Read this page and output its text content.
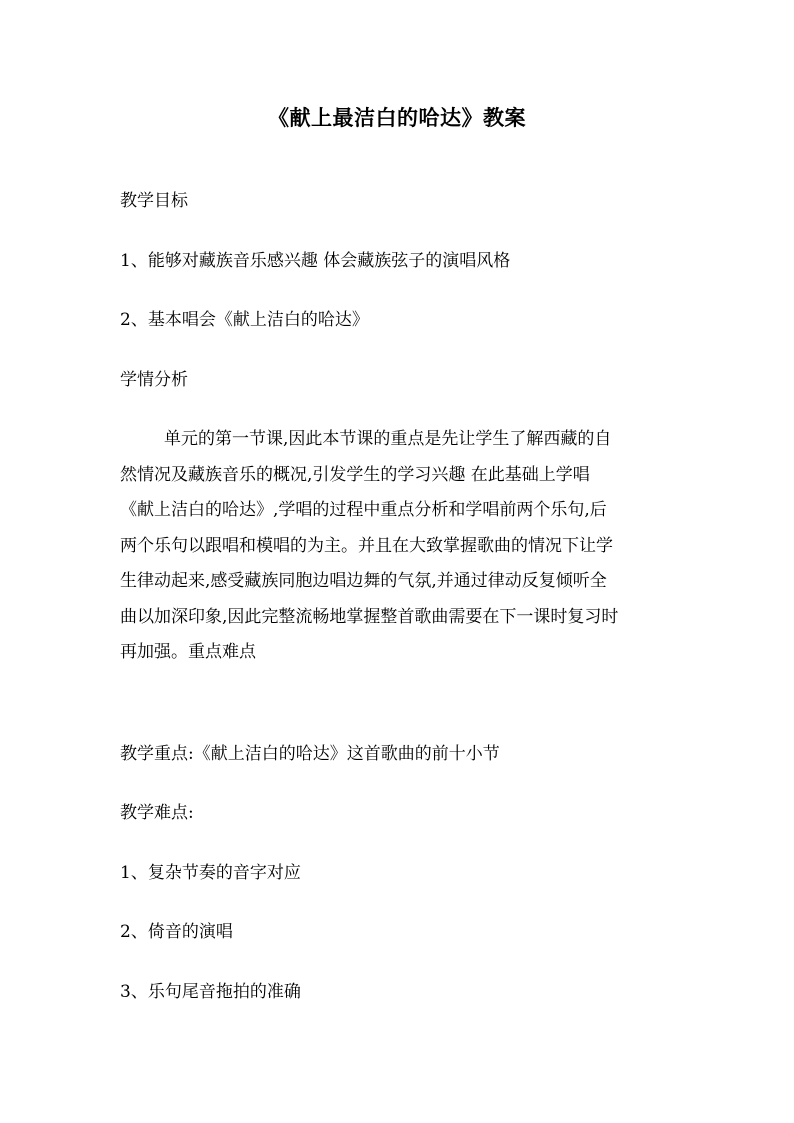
《献上最洁白的哈达》教案
教学目标
1、能够对藏族音乐感兴趣 体会藏族弦子的演唱风格
2、基本唱会《献上洁白的哈达》
学情分析
单元的第一节课,因此本节课的重点是先让学生了解西藏的自
然情况及藏族音乐的概况,引发学生的学习兴趣 在此基础上学唱
《献上洁白的哈达》,学唱的过程中重点分析和学唱前两个乐句,后
两个乐句以跟唱和模唱的为主。并且在大致掌握歌曲的情况下让学
生律动起来,感受藏族同胞边唱边舞的气氛,并通过律动反复倾听全
曲以加深印象,因此完整流畅地掌握整首歌曲需要在下一课时复习时
再加强。重点难点
教学重点:《献上洁白的哈达》这首歌曲的前十小节
教学难点:
1、复杂节奏的音字对应
2、倚音的演唱
3、乐句尾音拖拍的准确
